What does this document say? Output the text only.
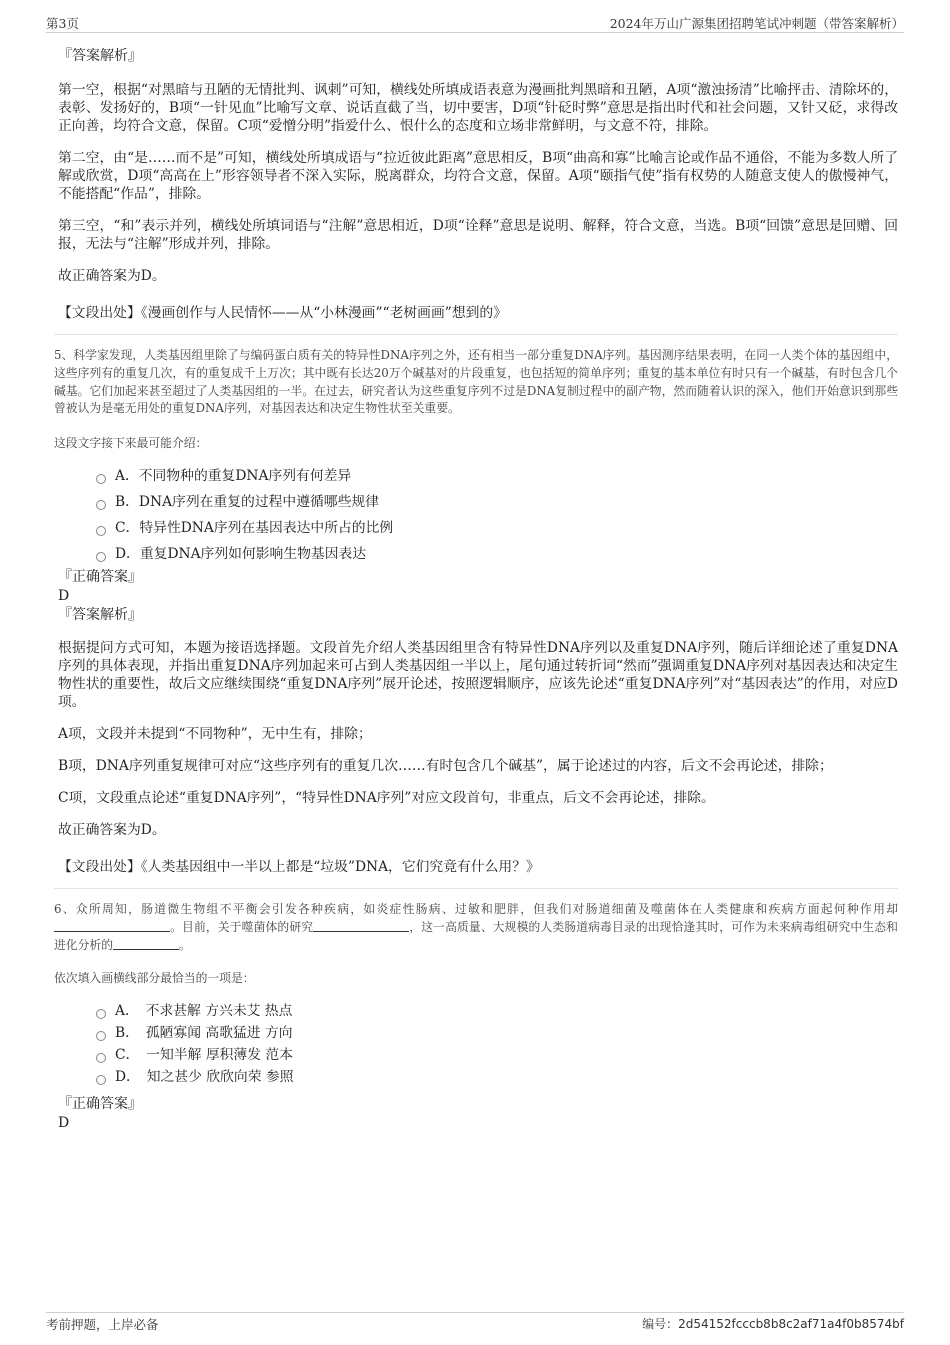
第3页	2024年万山广源集团招聘笔试冲刺题（带答案解析）
『答案解析』

第一空，根据“对黑暗与丑陋的无情批判、讽刺”可知，横线处所填成语表意为漫画批判黑暗和丑陋，A项“激浊扬清”比喻抨击、清除坏的，表彰、发扬好的，B项“一针见血”比喻写文章、说话直截了当，切中要害，D项“针砭时弊”意思是指出时代和社会问题，又针又砭，求得改正向善，均符合文意，保留。C项“爱憎分明”指爱什么、恨什么的态度和立场非常鲜明，与文意不符，排除。

第二空，由“是……而不是”可知，横线处所填成语与“拉近彼此距离”意思相反，B项“曲高和寡”比喻言论或作品不通俗，不能为多数人所了解或欣赏，D项“高高在上”形容领导者不深入实际，脱离群众，均符合文意，保留。A项“颐指气使”指有权势的人随意支使人的傲慢神气，不能搭配“作品”，排除。

第三空，“和”表示并列，横线处所填词语与“注解”意思相近，D项“诠释”意思是说明、解释，符合文意，当选。B项“回馈”意思是回赠、回报，无法与“注解”形成并列，排除。

故正确答案为D。

【文段出处】《漫画创作与人民情怀——从“小林漫画”“老树画画”想到的》

5、科学家发现，人类基因组里除了与编码蛋白质有关的特异性DNA序列之外，还有相当一部分重复DNA序列。基因测序结果表明，在同一人类个体的基因组中，这些序列有的重复几次，有的重复成千上万次；其中既有长达20万个碱基对的片段重复，也包括短的简单序列；重复的基本单位有时只有一个碱基，有时包含几个碱基。它们加起来甚至超过了人类基因组的一半。在过去，研究者认为这些重复序列不过是DNA复制过程中的副产物，然而随着认识的深入，他们开始意识到那些曾被认为是毫无用处的重复DNA序列，对基因表达和决定生物性状至关重要。

这段文字接下来最可能介绍：

A．不同物种的重复DNA序列有何差异
B．DNA序列在重复的过程中遵循哪些规律
C．特异性DNA序列在基因表达中所占的比例
D．重复DNA序列如何影响生物基因表达
『正确答案』
D
『答案解析』

根据提问方式可知，本题为接语选择题。文段首先介绍人类基因组里含有特异性DNA序列以及重复DNA序列，随后详细论述了重复DNA序列的具体表现，并指出重复DNA序列加起来可占到人类基因组一半以上，尾句通过转折词“然而”强调重复DNA序列对基因表达和决定生物性状的重要性，故后文应继续围绕“重复DNA序列”展开论述，按照逻辑顺序，应该先论述“重复DNA序列”对“基因表达”的作用，对应D项。

A项，文段并未提到“不同物种”，无中生有，排除；

B项，DNA序列重复规律可对应“这些序列有的重复几次……有时包含几个碱基”，属于论述过的内容，后文不会再论述，排除；

C项，文段重点论述“重复DNA序列”，“特异性DNA序列”对应文段首句，非重点，后文不会再论述，排除。

故正确答案为D。

【文段出处】《人类基因组中一半以上都是“垃圾”DNA，它们究竟有什么用？》

6、众所周知，肠道微生物组不平衡会引发各种疾病，如炎症性肠病、过敏和肥胖，但我们对肠道细菌及噬菌体在人类健康和疾病方面起何种作用却。目前，关于噬菌体的研究	，这一高质量、大规模的人类肠道病毒目录的出现恰逢其时，可作为未来病毒组研究中生态和进化分析的	。

依次填入画横线部分最恰当的一项是：

A．　不求甚解 方兴未艾 热点
B．　孤陋寡闻 高歌猛进 方向
C．　一知半解 厚积薄发 范本
D．　知之甚少 欣欣向荣 参照
『正确答案』
D
考前押题，上岸必备	编号：2d54152fcccb8b8c2af71a4f0b8574bf
